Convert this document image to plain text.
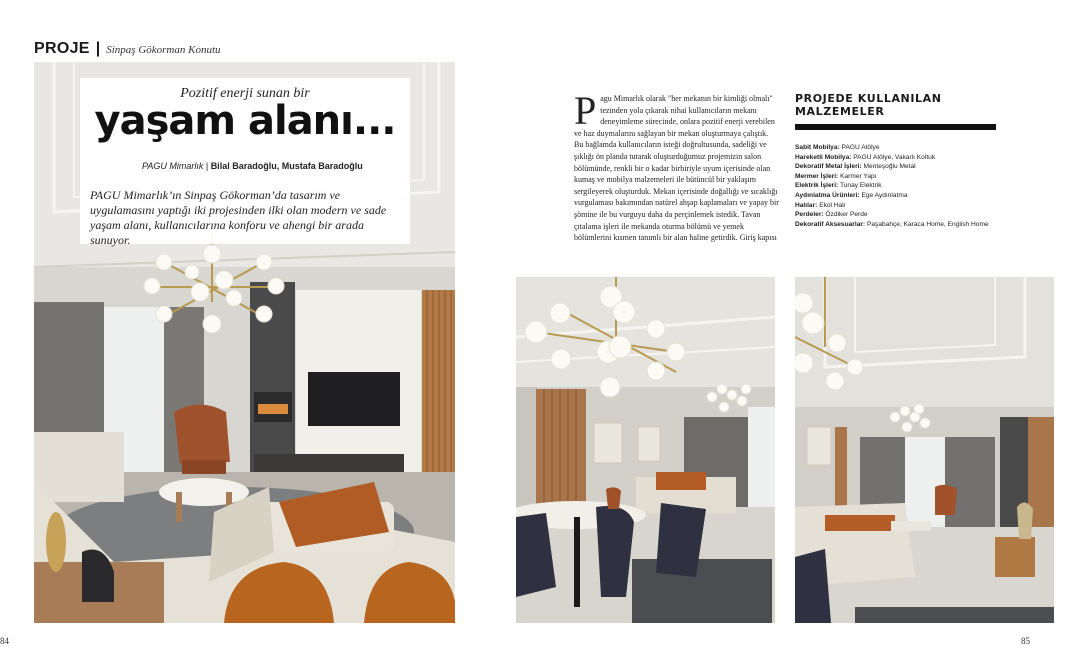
PROJE | Sinpaş Gökorman Konutu
Pozitif enerji sunan bir
yaşam alanı...
PAGU Mimarlık | Bilal Baradoğlu, Mustafa Baradoğlu
PAGU Mimarlık’ın Sinpaş Gökorman’da tasarım ve uygulamasını yaptığı iki projesinden ilki olan modern ve sade yaşam alanı, kullanıcılarına konforu ve ahengi bir arada sunuyor.
Pagu Mimarlık olarak "her mekanın bir kimliği olmalı" tezinden yola çıkarak nihai kullanıcıların mekanı deneyimleme sürecinde, onlara pozitif enerji verebilen ve haz duymalarını sağlayan bir mekan oluşturmaya çalıştık. Bu bağlamda kullanıcıların isteği doğrultusunda, sadeliği ve şıklığı ön planda tutarak oluşturduğumuz projemizin salon bölümünde, renkli bir o kadar birbiriyle uyum içerisinde olan kumaş ve mobilya malzemeleri ile bütüncül bir yaklaşım sergileyerek oluşturduk. Mekan içerisinde doğallığı ve sıcaklığı vurgulaması bakımından natürel ahşap kaplamaları ve yapay bir şömine ile bu vurguyu daha da perçinlemek istedik. Tavan çıtalama işleri ile mekanda oturma bölümü ve yemek bölümlerini kısmen tanımlı bir alan haline getirdik. Giriş kapısı
PROJEDE KULLANILAN
MALZEMELER
Sabit Mobilya: PAGU Atölye
Hareketli Mobilya: PAGU Atölye, Vakarlı Koltuk
Dekoratif Metal İşleri: Menteşoğlu Metal
Mermer İşleri: Karmer Yapı
Elektrik İşleri: Tunay Elektrik
Aydınlatma Ürünleri: Ege Aydınlatma
Halılar: Ekol Halı
Perdeler: Özdiker Perde
Dekoratif Aksesuarlar: Paşabahçe, Karaca Home, English Home
84	85
